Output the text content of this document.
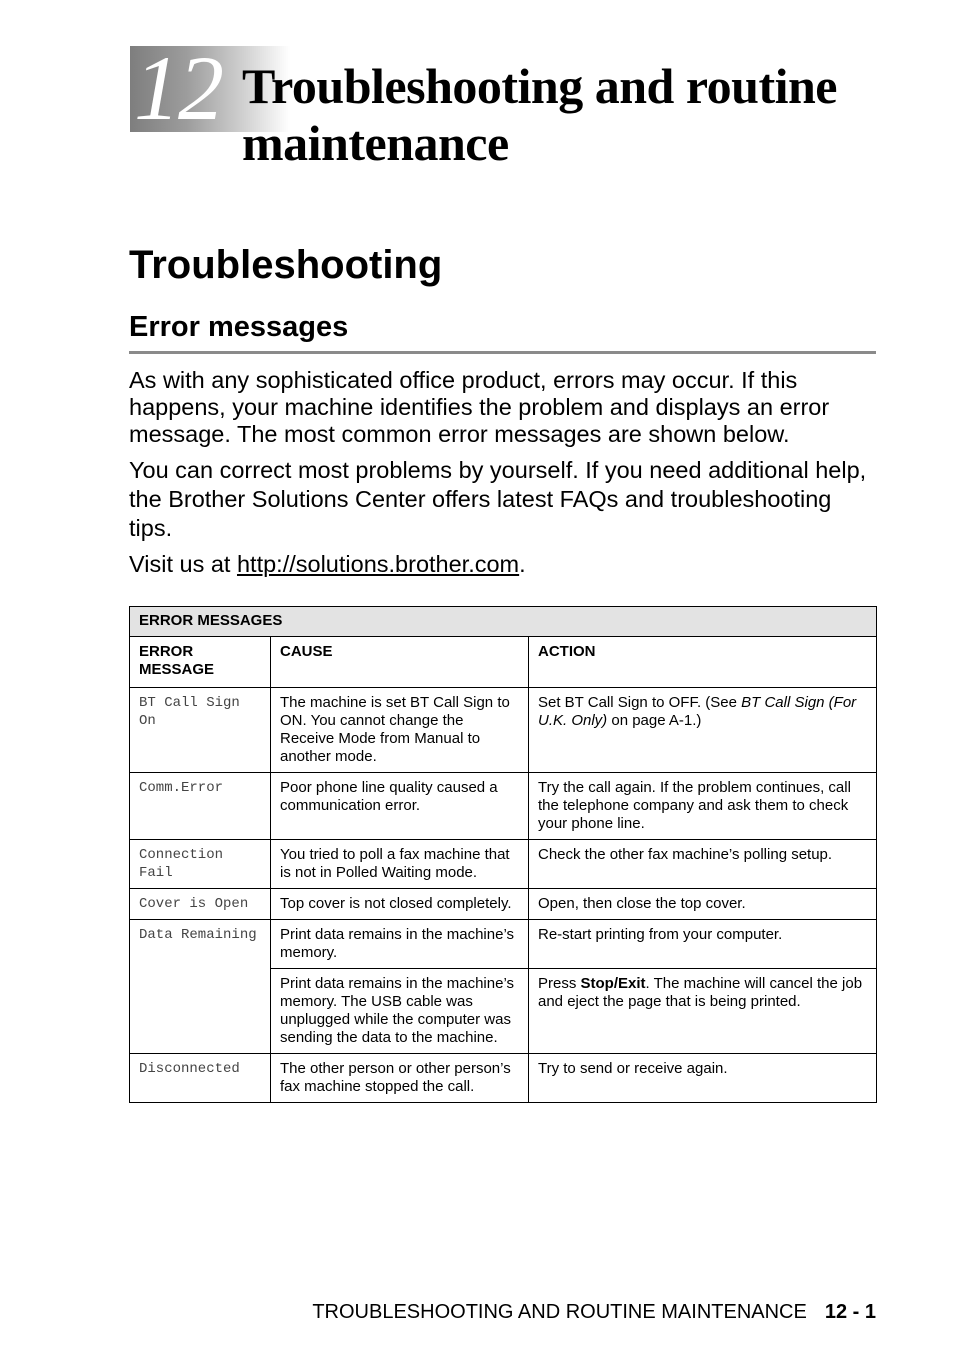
12 Troubleshooting and routine maintenance
Troubleshooting
Error messages

As with any sophisticated office product, errors may occur. If this happens, your machine identifies the problem and displays an error message. The most common error messages are shown below.

You can correct most problems by yourself. If you need additional help, the Brother Solutions Center offers latest FAQs and troubleshooting tips.

Visit us at http://solutions.brother.com.

ERROR MESSAGES		
ERROR MESSAGE	CAUSE	ACTION
BT Call Sign On	The machine is set BT Call Sign to ON. You cannot change the Receive Mode from Manual to another mode.	Set BT Call Sign to OFF. (See BT Call Sign (For U.K. Only) on page A-1.)
Comm.Error	Poor phone line quality caused a communication error.	Try the call again. If the problem continues, call the telephone company and ask them to check your phone line.
Connection Fail	You tried to poll a fax machine that is not in Polled Waiting mode.	Check the other fax machine’s polling setup.
Cover is Open	Top cover is not closed completely.	Open, then close the top cover.
Data Remaining	Print data remains in the machine’s memory.	Re-start printing from your computer.
	Print data remains in the machine’s memory. The USB cable was unplugged while the computer was sending the data to the machine.	Press Stop/Exit. The machine will cancel the job and eject the page that is being printed.
Disconnected	The other person or other person’s fax machine stopped the call.	Try to send or receive again.
TROUBLESHOOTING AND ROUTINE MAINTENANCE 12 - 1
